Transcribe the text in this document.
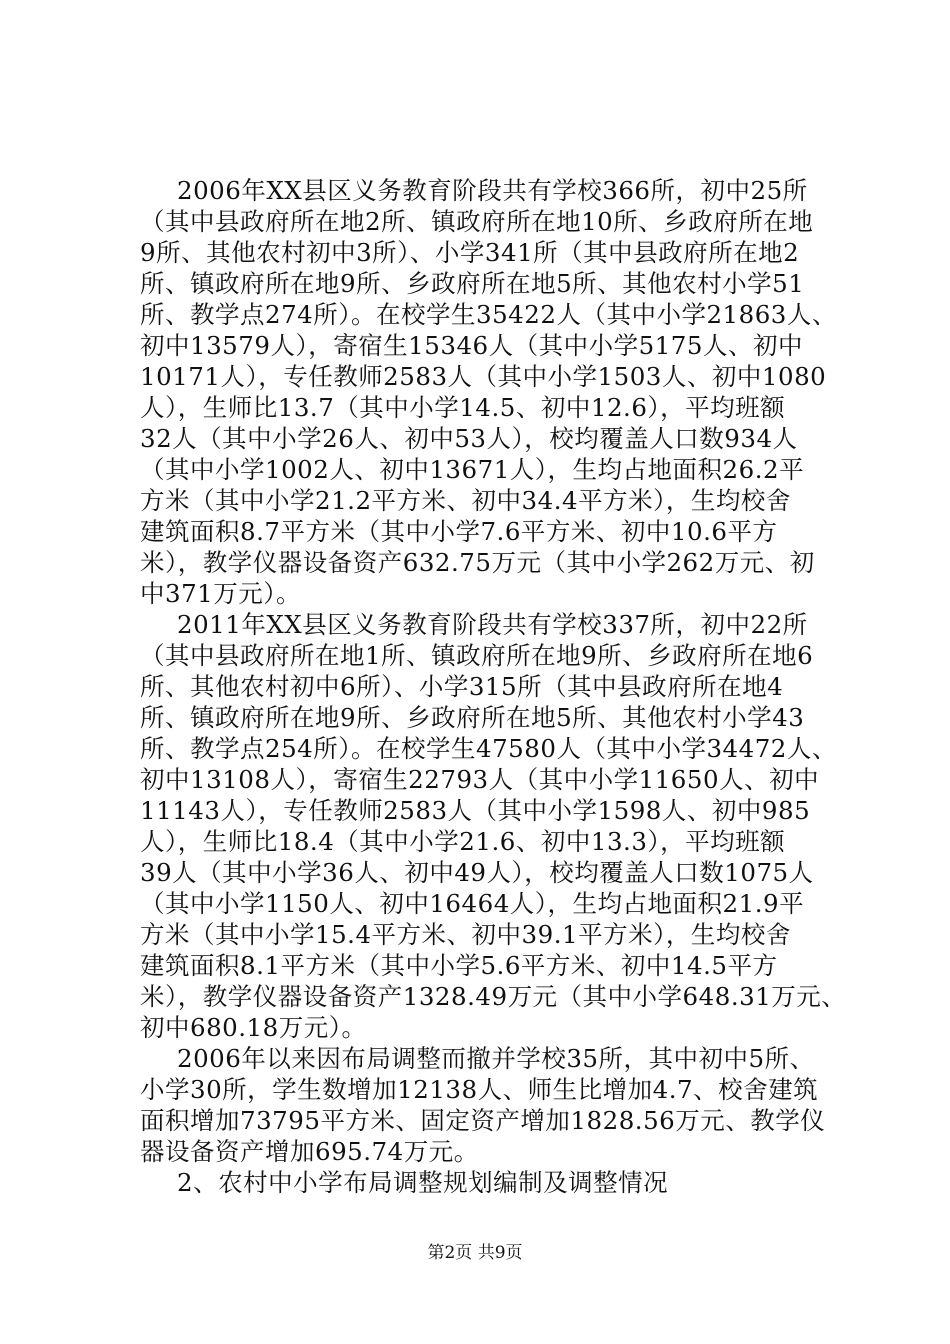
2006年XX县区义务教育阶段共有学校366所，初中25所
（其中县政府所在地2所、镇政府所在地10所、乡政府所在地
9所、其他农村初中3所）、小学341所（其中县政府所在地2
所、镇政府所在地9所、乡政府所在地5所、其他农村小学51
所、教学点274所）。在校学生35422人（其中小学21863人、
初中13579人），寄宿生15346人（其中小学5175人、初中
10171人），专任教师2583人（其中小学1503人、初中1080
人），生师比13.7（其中小学14.5、初中12.6），平均班额
32人（其中小学26人、初中53人），校均覆盖人口数934人
（其中小学1002人、初中13671人），生均占地面积26.2平
方米（其中小学21.2平方米、初中34.4平方米），生均校舍
建筑面积8.7平方米（其中小学7.6平方米、初中10.6平方
米），教学仪器设备资产632.75万元（其中小学262万元、初
中371万元）。
2011年XX县区义务教育阶段共有学校337所，初中22所
（其中县政府所在地1所、镇政府所在地9所、乡政府所在地6
所、其他农村初中6所）、小学315所（其中县政府所在地4
所、镇政府所在地9所、乡政府所在地5所、其他农村小学43
所、教学点254所）。在校学生47580人（其中小学34472人、
初中13108人），寄宿生22793人（其中小学11650人、初中
11143人），专任教师2583人（其中小学1598人、初中985
人），生师比18.4（其中小学21.6、初中13.3），平均班额
39人（其中小学36人、初中49人），校均覆盖人口数1075人
（其中小学1150人、初中16464人），生均占地面积21.9平
方米（其中小学15.4平方米、初中39.1平方米），生均校舍
建筑面积8.1平方米（其中小学5.6平方米、初中14.5平方
米），教学仪器设备资产1328.49万元（其中小学648.31万元、
初中680.18万元）。
2006年以来因布局调整而撤并学校35所，其中初中5所、
小学30所，学生数增加12138人、师生比增加4.7、校舍建筑
面积增加73795平方米、固定资产增加1828.56万元、教学仪
器设备资产增加695.74万元。
2、农村中小学布局调整规划编制及调整情况
第2页 共9页
